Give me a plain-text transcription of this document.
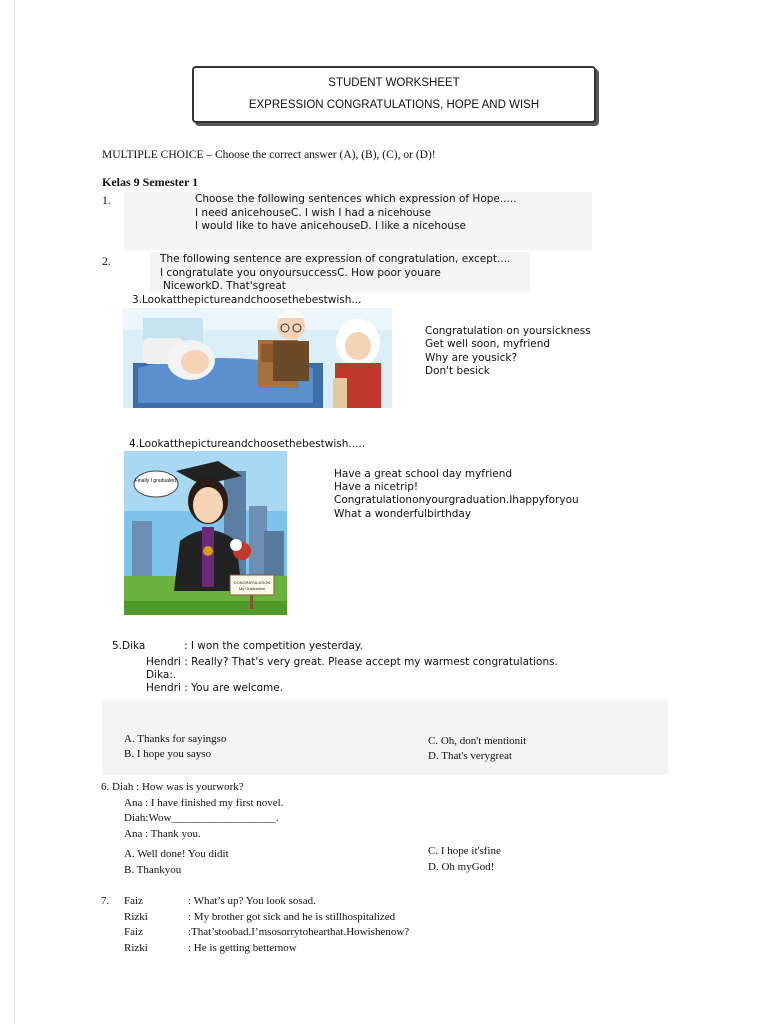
STUDENT WORKSHEET
EXPRESSION CONGRATULATIONS, HOPE AND WISH
MULTIPLE CHOICE – Choose the correct answer (A), (B), (C), or (D)!
Kelas 9 Semester 1
1.	Choose the following sentences which expression of Hope.....
I need anicehouseC. I wish I had a nicehouse
I would like to have anicehouseD. I like a nicehouse
2.	The following sentence are expression of congratulation, except....
I congratulate you onyoursuccessC. How poor youare
NiceworkD. That'sgreat
3.Lookatthepictureandchoosethebestwish...
Congratulation on yoursickness
Get well soon, myfriend
Why are yousick?
Don't besick
4.Lookatthepictureandchoosethebestwish.....
Finally I graduated!
CONGRATULATION
My Graduation
Have a great school day myfriend
Have a nicetrip!
Congratulationonyourgraduation.Ihappyforyou
What a wonderfulbirthday
5.Dika	: I won the competition yesterday.
Hendri : Really? That's very great. Please accept my warmest congratulations.
Dika:.
Hendri : You are welcome.
A. Thanks for sayingso
B. I hope you sayso
C. Oh, don't mentionit
D. That's verygreat
6. Diah : How was is yourwork?
Ana : I have finished my first novel.
Diah:Wow___________________.
Ana : Thank you.
A. Well done! You didit
B. Thankyou
C. I hope it'sfine
D. Oh myGod!
7. Faiz	: What’s up? You look sosad.
Rizki	: My brother got sick and he is stillhospitalized
Faiz	:That’stoobad.I’msosorrytohearthat.Howishenow?
Rizki	: He is getting betternow
